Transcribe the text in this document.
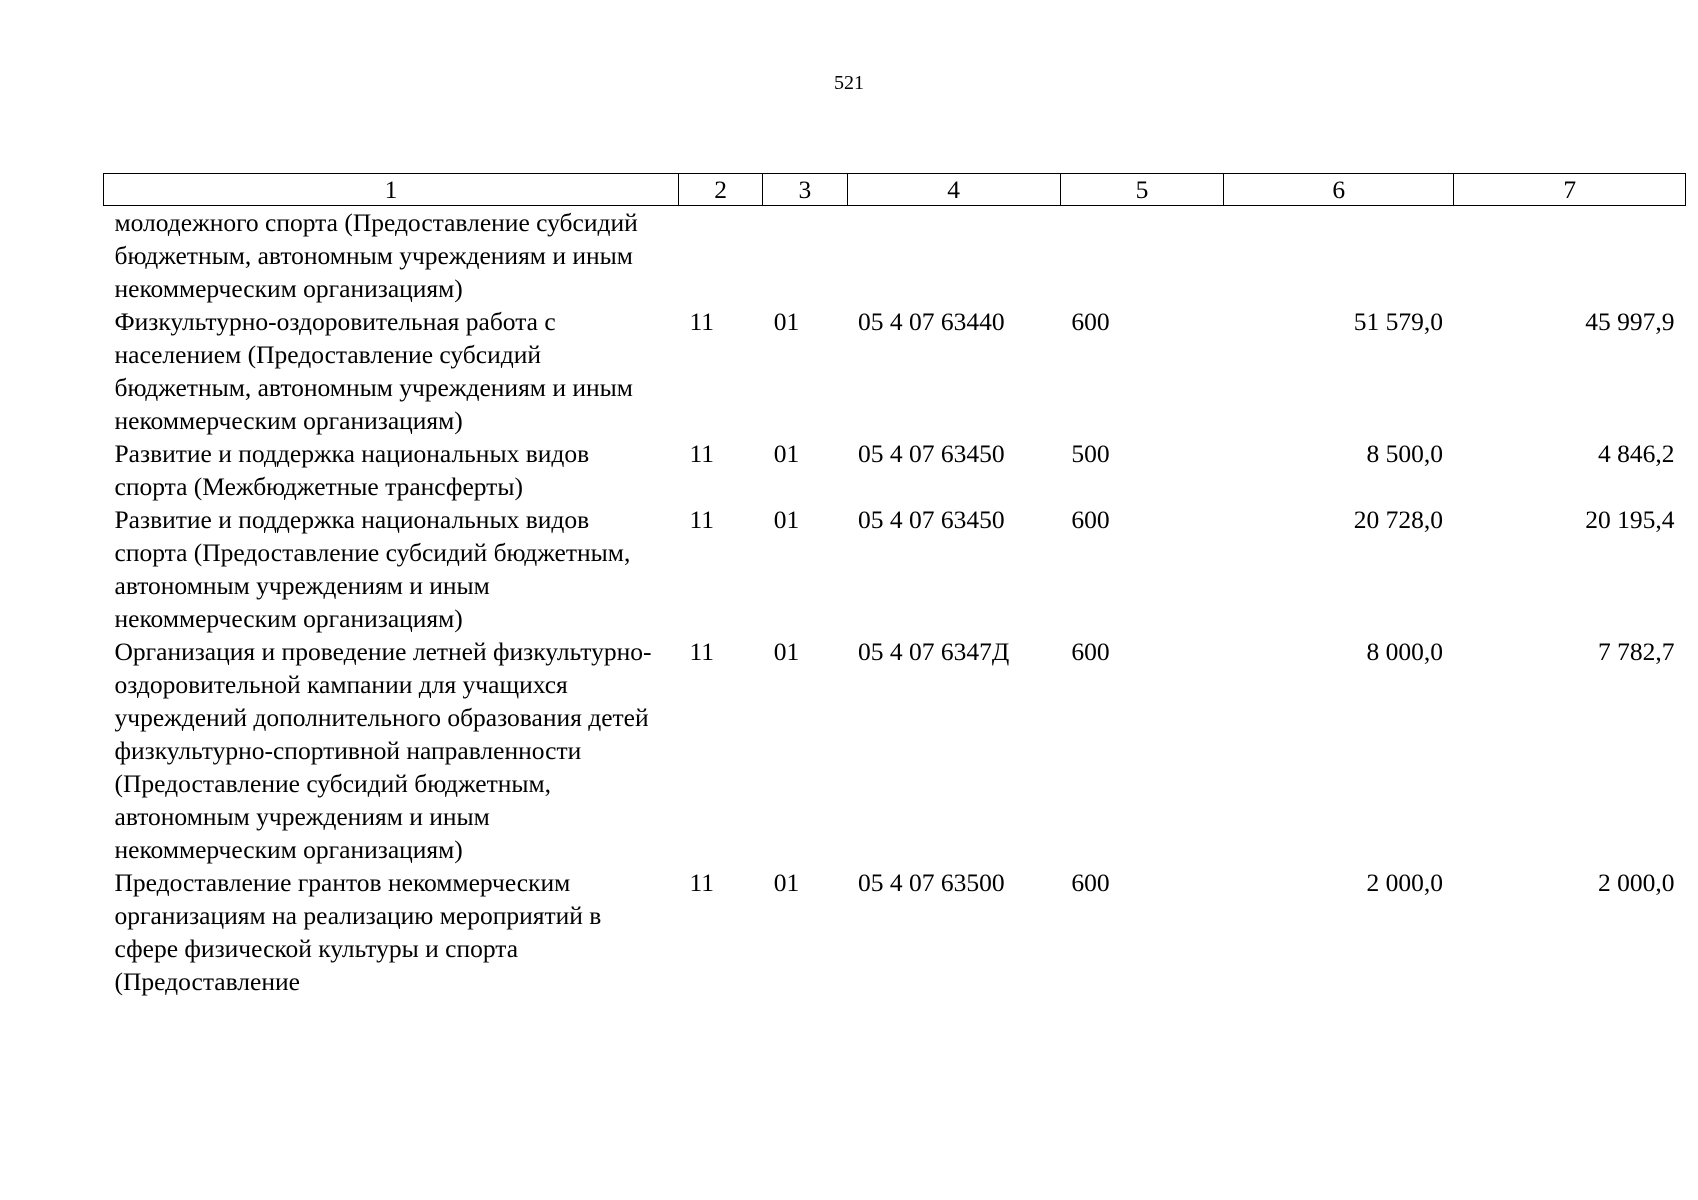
521
1	2	3	4	5	6	7
молодежного спорта (Предоставление субсидий бюджетным, автономным учреждениям и иным некоммерческим организациям)						
Физкультурно-оздоровительная работа с населением (Предоставление субсидий бюджетным, автономным учреждениям и иным некоммерческим организациям)	11	01	05 4 07 63440	600	51 579,0	45 997,9
Развитие и поддержка национальных видов спорта (Межбюджетные трансферты)	11	01	05 4 07 63450	500	8 500,0	4 846,2
Развитие и поддержка национальных видов спорта (Предоставление субсидий бюджетным, автономным учреждениям и иным некоммерческим организациям)	11	01	05 4 07 63450	600	20 728,0	20 195,4
Организация и проведение летней физкультурно-оздоровительной кампании для учащихся учреждений дополнительного образования детей физкультурно-спортивной направленности (Предоставление субсидий бюджетным, автономным учреждениям и иным некоммерческим организациям)	11	01	05 4 07 6347Д	600	8 000,0	7 782,7
Предоставление грантов некоммерческим организациям на реализацию мероприятий в сфере физической культуры и спорта (Предоставление	11	01	05 4 07 63500	600	2 000,0	2 000,0
